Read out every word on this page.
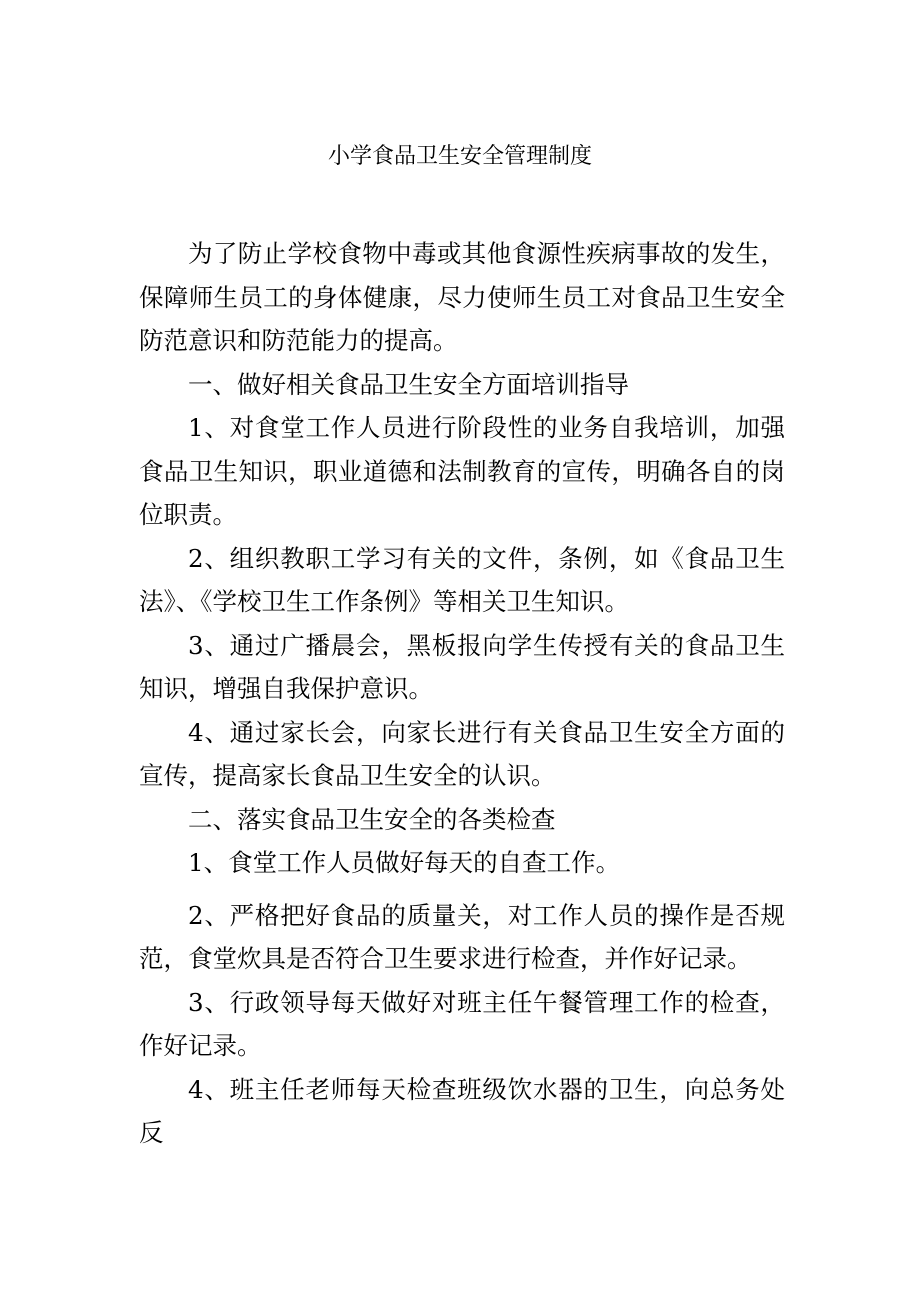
小学食品卫生安全管理制度

为了防止学校食物中毒或其他食源性疾病事故的发生，保障师生员工的身体健康，尽力使师生员工对食品卫生安全防范意识和防范能力的提高。

一、做好相关食品卫生安全方面培训指导

1、对食堂工作人员进行阶段性的业务自我培训，加强食品卫生知识，职业道德和法制教育的宣传，明确各自的岗位职责。

2、组织教职工学习有关的文件，条例，如《食品卫生法》、《学校卫生工作条例》等相关卫生知识。

3、通过广播晨会，黑板报向学生传授有关的食品卫生知识，增强自我保护意识。

4、通过家长会，向家长进行有关食品卫生安全方面的宣传，提高家长食品卫生安全的认识。

二、落实食品卫生安全的各类检查

1、食堂工作人员做好每天的自查工作。

2、严格把好食品的质量关，对工作人员的操作是否规范，食堂炊具是否符合卫生要求进行检查，并作好记录。

3、行政领导每天做好对班主任午餐管理工作的检查，作好记录。

4、班主任老师每天检查班级饮水器的卫生，向总务处反
